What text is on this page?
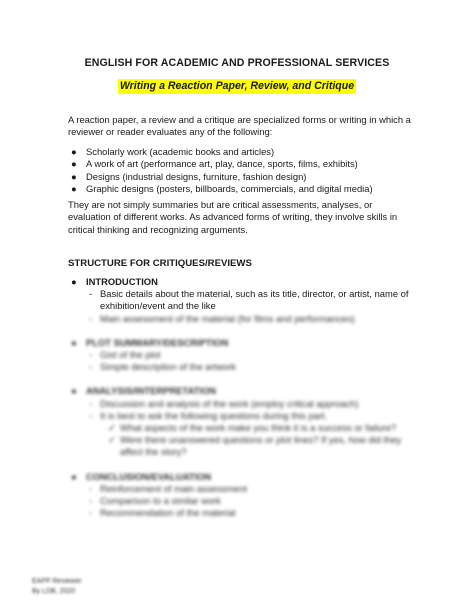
ENGLISH FOR ACADEMIC AND PROFESSIONAL SERVICES
Writing a Reaction Paper, Review, and Critique
A reaction paper, a review and a critique are specialized forms or writing in which a reviewer or reader evaluates any of the following:
● Scholarly work (academic books and articles)
● A work of art (performance art, play, dance, sports, films, exhibits)
● Designs (industrial designs, furniture, fashion design)
● Graphic designs (posters, billboards, commercials, and digital media)
They are not simply summaries but are critical assessments, analyses, or evaluation of different works. As advanced forms of writing, they involve skills in critical thinking and recognizing arguments.
STRUCTURE FOR CRITIQUES/REVIEWS
● INTRODUCTION
- Basic details about the material, such as its title, director, or artist, name of exhibition/event and the like
- Main assessment of the material (for films and performances)
● PLOT SUMMARY/DESCRIPTION
- Gist of the plot
- Simple description of the artwork
● ANALYSIS/INTERPRETATION
- Discussion and analysis of the work (employ critical approach)
- It is best to ask the following questions during this part.
✓ What aspects of the work make you think it is a success or failure?
✓ Were there unanswered questions or plot lines? If yes, how did they affect the story?
● CONCLUSION/EVALUATION
- Reinforcement of main assessment
- Comparison to a similar work
- Recommendation of the material
EAPP Reviewer
By LDB, 2020
